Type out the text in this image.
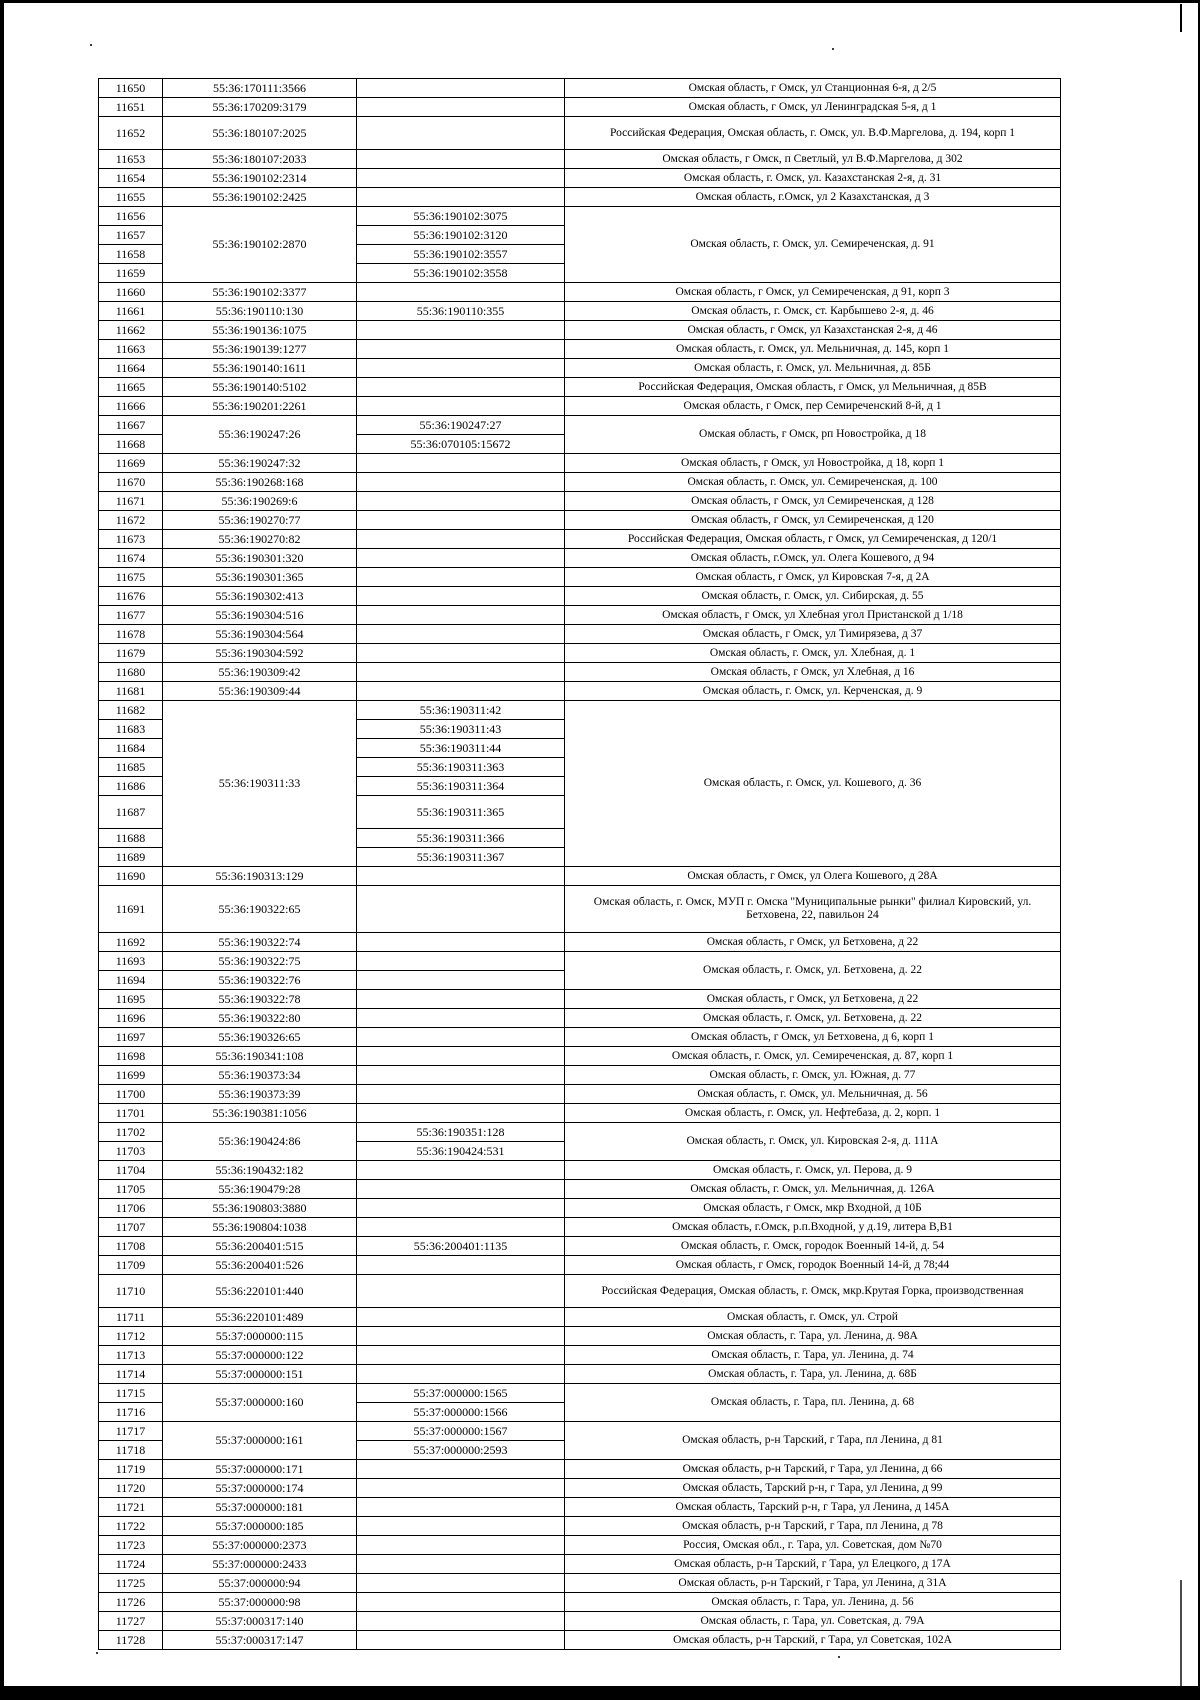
11650	55:36:170111:3566		Омская область, г Омск, ул Станционная 6-я, д 2/5
11651	55:36:170209:3179		Омская область, г Омск, ул Ленинградская 5-я, д 1
11652	55:36:180107:2025		Российская Федерация, Омская область, г. Омск, ул. В.Ф.Маргелова, д. 194, корп 1
11653	55:36:180107:2033		Омская область, г Омск, п Светлый, ул В.Ф.Маргелова, д 302
11654	55:36:190102:2314		Омская область, г. Омск, ул. Казахстанская 2-я, д. 31
11655	55:36:190102:2425		Омская область, г.Омск, ул 2 Казахстанская, д 3
11656	55:36:190102:2870	55:36:190102:3075	Омская область, г. Омск, ул. Семиреченская, д. 91
11657		55:36:190102:3120	
11658		55:36:190102:3557	
11659		55:36:190102:3558	
11660	55:36:190102:3377		Омская область, г Омск, ул Семиреченская, д 91, корп 3
11661	55:36:190110:130	55:36:190110:355	Омская область, г. Омск, ст. Карбышево 2-я, д. 46
11662	55:36:190136:1075		Омская область, г Омск, ул Казахстанская 2-я, д 46
11663	55:36:190139:1277		Омская область, г. Омск, ул. Мельничная, д. 145, корп 1
11664	55:36:190140:1611		Омская область, г. Омск, ул. Мельничная, д. 85Б
11665	55:36:190140:5102		Российская Федерация, Омская область, г Омск, ул Мельничная, д 85В
11666	55:36:190201:2261		Омская область, г Омск, пер Семиреченский 8-й, д 1
11667	55:36:190247:26	55:36:190247:27	Омская область, г Омск, рп Новостройка, д 18
11668		55:36:070105:15672	
11669	55:36:190247:32		Омская область, г Омск, ул Новостройка, д 18, корп 1
11670	55:36:190268:168		Омская область, г. Омск, ул. Семиреченская, д. 100
11671	55:36:190269:6		Омская область, г Омск, ул Семиреченская, д 128
11672	55:36:190270:77		Омская область, г Омск, ул Семиреченская, д 120
11673	55:36:190270:82		Российская Федерация, Омская область, г Омск, ул Семиреченская, д 120/1
11674	55:36:190301:320		Омская область, г.Омск, ул. Олега Кошевого, д 94
11675	55:36:190301:365		Омская область, г Омск, ул Кировская 7-я, д 2А
11676	55:36:190302:413		Омская область, г. Омск, ул. Сибирская, д. 55
11677	55:36:190304:516		Омская область, г Омск, ул Хлебная угол Пристанской д 1/18
11678	55:36:190304:564		Омская область, г Омск, ул Тимирязева, д 37
11679	55:36:190304:592		Омская область, г. Омск, ул. Хлебная, д. 1
11680	55:36:190309:42		Омская область, г Омск, ул Хлебная, д 16
11681	55:36:190309:44		Омская область, г. Омск, ул. Керченская, д. 9
11682	55:36:190311:33	55:36:190311:42	Омская область, г. Омск, ул. Кошевого, д. 36
11683		55:36:190311:43	
11684		55:36:190311:44	
11685		55:36:190311:363	
11686		55:36:190311:364	
11687		55:36:190311:365	
11688		55:36:190311:366	
11689		55:36:190311:367	
11690	55:36:190313:129		Омская область, г Омск, ул Олега Кошевого, д 28А
11691	55:36:190322:65		Омская область, г. Омск, МУП г. Омска "Муниципальные рынки" филиал Кировский, ул. Бетховена, 22, павильон 24
11692	55:36:190322:74		Омская область, г Омск, ул Бетховена, д 22
11693	55:36:190322:75		Омская область, г. Омск, ул. Бетховена, д. 22
11694	55:36:190322:76		
11695	55:36:190322:78		Омская область, г Омск, ул Бетховена, д 22
11696	55:36:190322:80		Омская область, г. Омск, ул. Бетховена, д. 22
11697	55:36:190326:65		Омская область, г Омск, ул Бетховена, д 6, корп 1
11698	55:36:190341:108		Омская область, г. Омск, ул. Семиреченская, д. 87, корп 1
11699	55:36:190373:34		Омская область, г. Омск, ул. Южная, д. 77
11700	55:36:190373:39		Омская область, г. Омск, ул. Мельничная, д. 56
11701	55:36:190381:1056		Омская область, г. Омск, ул. Нефтебаза, д. 2, корп. 1
11702	55:36:190424:86	55:36:190351:128	Омская область, г. Омск, ул. Кировская 2-я, д. 111А
11703		55:36:190424:531	
11704	55:36:190432:182		Омская область, г. Омск, ул. Перова, д. 9
11705	55:36:190479:28		Омская область, г. Омск, ул. Мельничная, д. 126А
11706	55:36:190803:3880		Омская область, г Омск, мкр Входной, д 10Б
11707	55:36:190804:1038		Омская область, г.Омск, р.п.Входной, у д.19, литера В,В1
11708	55:36:200401:515	55:36:200401:1135	Омская область, г. Омск, городок Военный 14-й, д. 54
11709	55:36:200401:526		Омская область, г Омск, городок Военный 14-й, д 78;44
11710	55:36:220101:440		Российская Федерация, Омская область, г. Омск, мкр.Крутая Горка, производственная
11711	55:36:220101:489		Омская область, г. Омск, ул. Строй
11712	55:37:000000:115		Омская область, г. Тара, ул. Ленина, д. 98А
11713	55:37:000000:122		Омская область, г. Тара, ул. Ленина, д. 74
11714	55:37:000000:151		Омская область, г. Тара, ул. Ленина, д. 68Б
11715	55:37:000000:160	55:37:000000:1565	Омская область, г. Тара, пл. Ленина, д. 68
11716		55:37:000000:1566	
11717	55:37:000000:161	55:37:000000:1567	Омская область, р-н Тарский, г Тара, пл Ленина, д 81
11718		55:37:000000:2593	
11719	55:37:000000:171		Омская область, р-н Тарский, г Тара, ул Ленина, д 66
11720	55:37:000000:174		Омская область, Тарский р-н, г Тара, ул Ленина, д 99
11721	55:37:000000:181		Омская область, Тарский р-н, г Тара, ул Ленина, д 145А
11722	55:37:000000:185		Омская область, р-н Тарский, г Тара, пл Ленина, д 78
11723	55:37:000000:2373		Россия, Омская обл., г. Тара, ул. Советская, дом №70
11724	55:37:000000:2433		Омская область, р-н Тарский, г Тара, ул Елецкого, д 17А
11725	55:37:000000:94		Омская область, р-н Тарский, г Тара, ул Ленина, д 31А
11726	55:37:000000:98		Омская область, г. Тара, ул. Ленина, д. 56
11727	55:37:000317:140		Омская область, г. Тара, ул. Советская, д. 79А
11728	55:37:000317:147		Омская область, р-н Тарский, г Тара, ул Советская, 102А
